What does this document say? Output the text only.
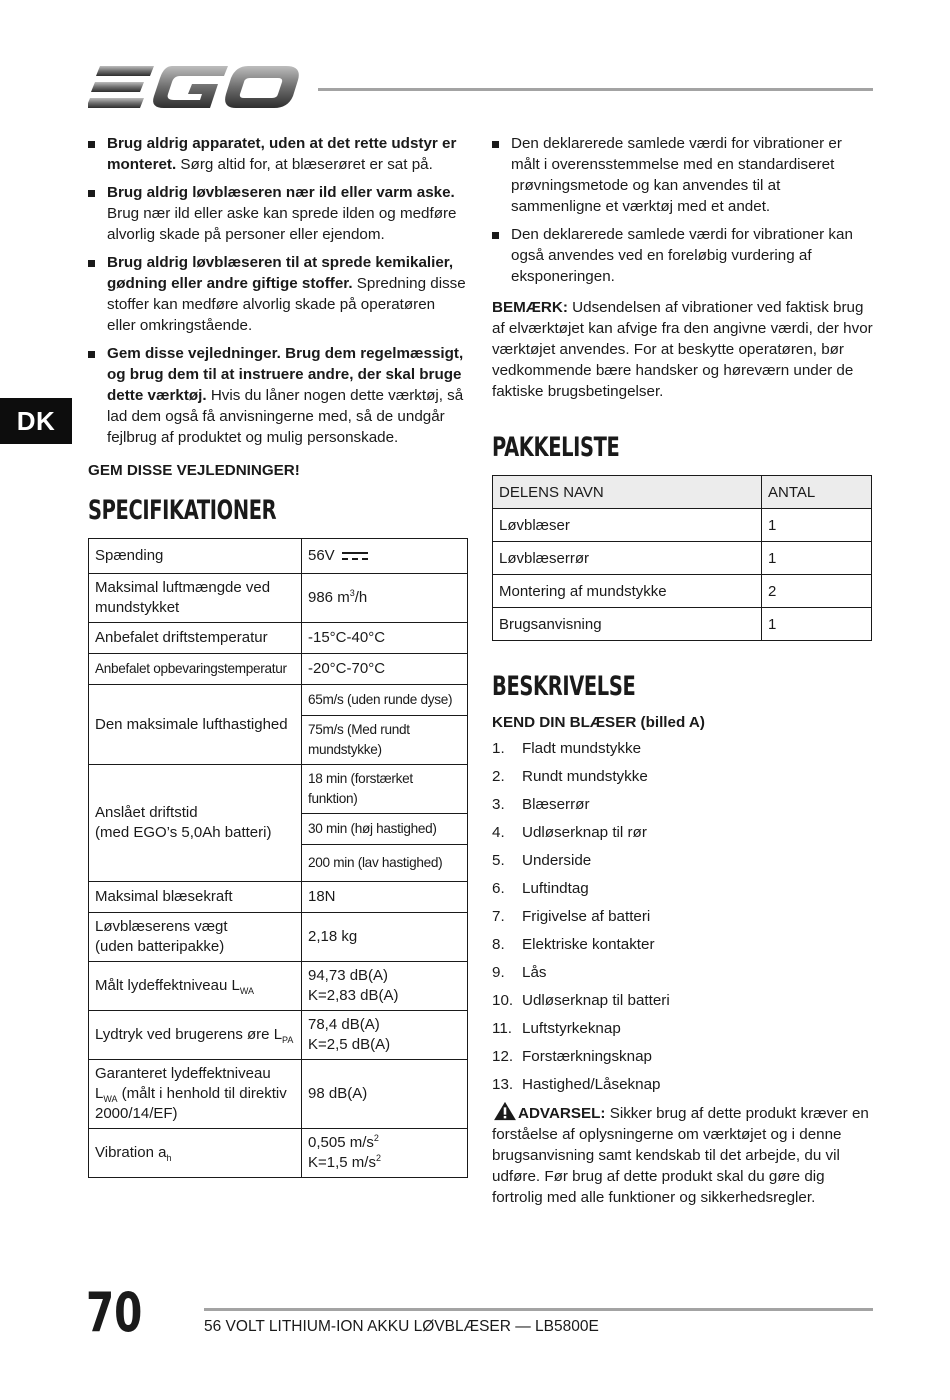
DK
Brug aldrig apparatet, uden at det rette udstyr er monteret. Sørg altid for, at blæserøret er sat på.
Brug aldrig løvblæseren nær ild eller varm aske. Brug nær ild eller aske kan sprede ilden og medføre alvorlig skade på personer eller ejendom.
Brug aldrig løvblæseren til at sprede kemikalier, gødning eller andre giftige stoffer. Spredning disse stoffer kan medføre alvorlig skade på operatøren eller omkringstående.
Gem disse vejledninger. Brug dem regelmæssigt, og brug dem til at instruere andre, der skal bruge dette værktøj. Hvis du låner nogen dette værktøj, så lad dem også få anvisningerne med, så de undgår fejlbrug af produktet og mulig personskade.

GEM DISSE VEJLEDNINGER!

SPECIFIKATIONER
Spænding	56V
Maksimal luftmængde ved mundstykket	986 $m^3/h$
Anbefalet driftstemperatur	-15°C-40°C
Anbefalet opbevaringstemperatur	-20°C-70°C
Den maksimale lufthastighed	65m/s (uden runde dyse)
	75m/s (Med rundt mundstykke)
Anslået driftstid
(med EGO’s 5,0Ah batteri)	18 min (forstærket funktion)
	30 min (høj hastighed)
	200 min (lav hastighed)
Maksimal blæsekraft	18N
Løvblæserens vægt
(uden batteripakke)	2,18 kg
Målt lydeffektniveau $L_{WA}$	94,73 dB(A)
K=2,83 dB(A)
Lydtryk ved brugerens øre $L_{PA}$	78,4 dB(A)
K=2,5 dB(A)
Garanteret lydeffektniveau
$L_{WA}$ (målt i henhold til direktiv
2000/14/EF)	98 dB(A)
Vibration $a_h$	0,505 $m/s^2$
K=1,5 $m/s^2$
Den deklarerede samlede værdi for vibrationer er målt i overensstemmelse med en standardiseret prøvningsmetode og kan anvendes til at sammenligne et værktøj med et andet.
Den deklarerede samlede værdi for vibrationer kan også anvendes ved en foreløbig vurdering af eksponeringen.

BEMÆRK: Udsendelsen af vibrationer ved faktisk brug af elværktøjet kan afvige fra den angivne værdi, der hvor værktøjet anvendes. For at beskytte operatøren, bør vedkommende bære handsker og høreværn under de faktiske brugsbetingelser.

PAKKELISTE
DELENS NAVN	ANTAL
Løvblæser	1
Løvblæserrør	1
Montering af mundstykke	2
Brugsanvisning	1
BESKRIVELSE

KEND DIN BLÆSER (billed A)

1.	Fladt mundstykke
2.	Rundt mundstykke
3.	Blæserrør
4.	Udløserknap til rør
5.	Underside
6.	Luftindtag
7.	Frigivelse af batteri
8.	Elektriske kontakter
9.	Lås
10. Udløserknap til batteri
11. Luftstyrkeknap
12. Forstærkningsknap
13. Hastighed/Låseknap

ADVARSEL: Sikker brug af dette produkt kræver en forståelse af oplysningerne om værktøjet og i denne brugsanvisning samt kendskab til det arbejde, du vil udføre. Før brug af dette produkt skal du gøre dig fortrolig med alle funktioner og sikkerhedsregler.

70	56 VOLT LITHIUM-ION AKKU LØVBLÆSER — LB5800E
